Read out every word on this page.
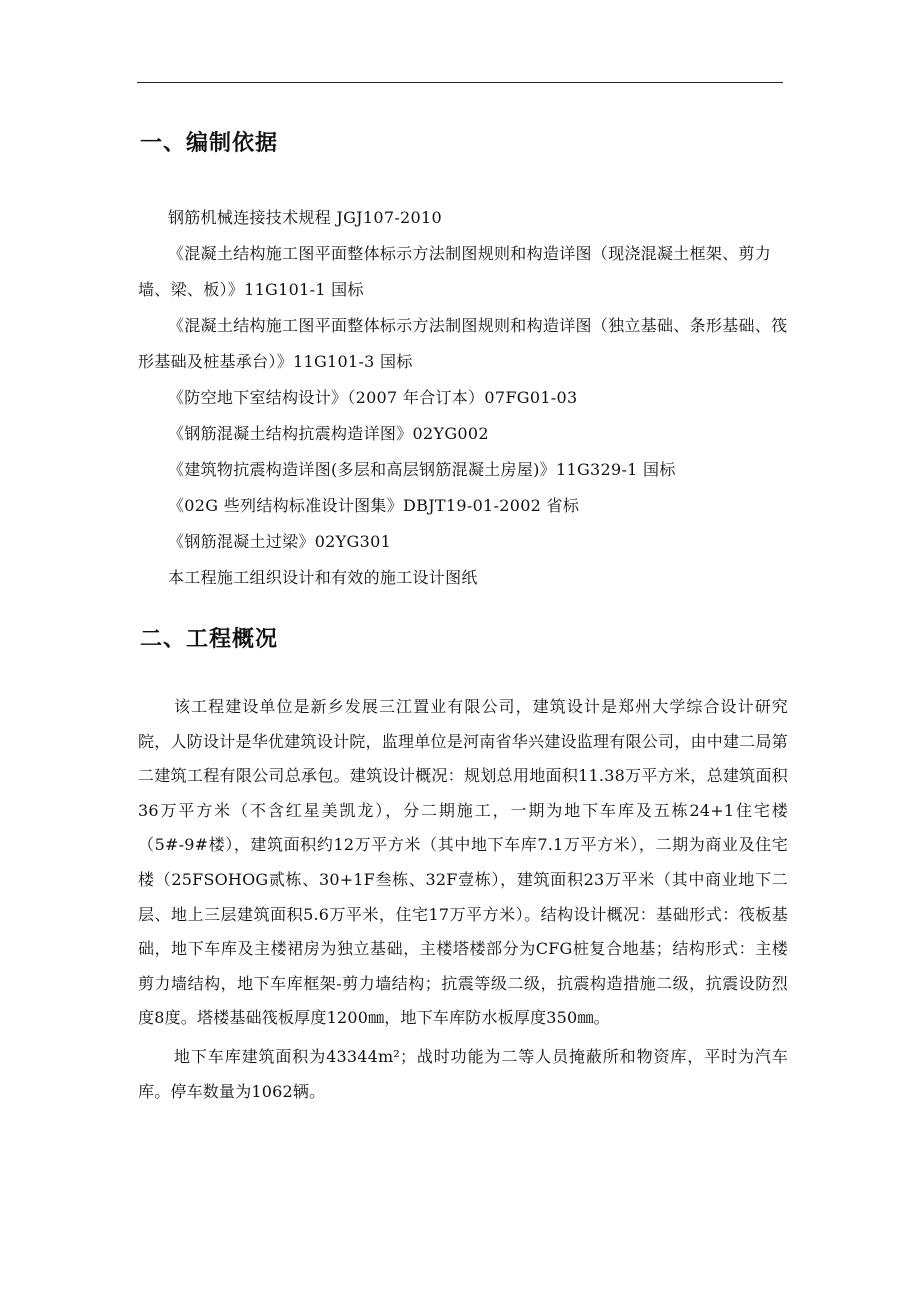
一、编制依据

钢筋机械连接技术规程 JGJ107-2010

《混凝土结构施工图平面整体标示方法制图规则和构造详图（现浇混凝土框架、剪力墙、梁、板）》11G101-1 国标

《混凝土结构施工图平面整体标示方法制图规则和构造详图（独立基础、条形基础、筏形基础及桩基承台）》11G101-3 国标

《防空地下室结构设计》（2007 年合订本）07FG01-03

《钢筋混凝土结构抗震构造详图》02YG002

《建筑物抗震构造详图(多层和高层钢筋混凝土房屋)》11G329-1 国标

《02G 些列结构标准设计图集》DBJT19-01-2002 省标

《钢筋混凝土过梁》02YG301

本工程施工组织设计和有效的施工设计图纸

二、工程概况

该工程建设单位是新乡发展三江置业有限公司，建筑设计是郑州大学综合设计研究院，人防设计是华优建筑设计院，监理单位是河南省华兴建设监理有限公司，由中建二局第二建筑工程有限公司总承包。建筑设计概况：规划总用地面积11.38万平方米，总建筑面积36万平方米（不含红星美凯龙），分二期施工，一期为地下车库及五栋24+1住宅楼（5#-9#楼），建筑面积约12万平方米（其中地下车库7.1万平方米），二期为商业及住宅楼（25FSOHOG贰栋、30+1F叁栋、32F壹栋），建筑面积23万平米（其中商业地下二层、地上三层建筑面积5.6万平米，住宅17万平方米）。结构设计概况：基础形式：筏板基础，地下车库及主楼裙房为独立基础，主楼塔楼部分为CFG桩复合地基；结构形式：主楼剪力墙结构，地下车库框架-剪力墙结构；抗震等级二级，抗震构造措施二级，抗震设防烈度8度。塔楼基础筏板厚度1200㎜，地下车库防水板厚度350㎜。

地下车库建筑面积为43344m²；战时功能为二等人员掩蔽所和物资库，平时为汽车库。停车数量为1062辆。
